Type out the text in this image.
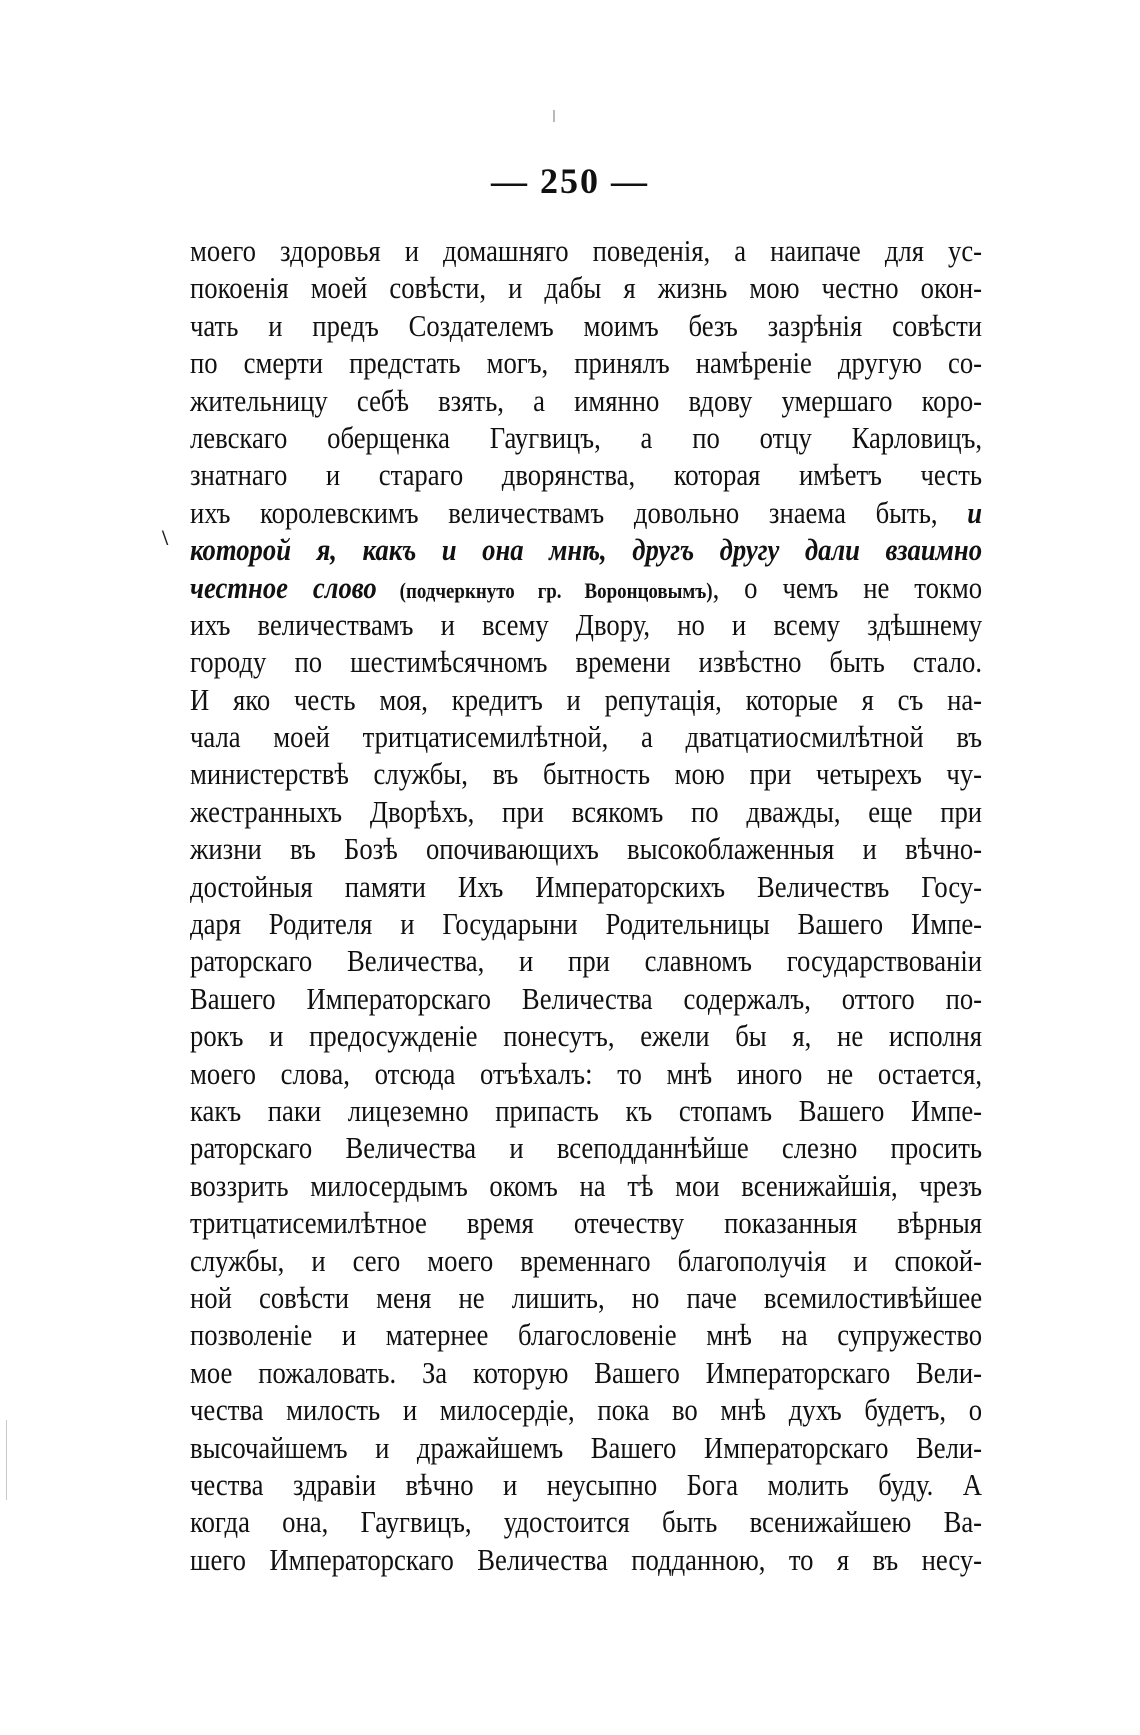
— 250 —
\
моего здоровья и домашняго поведенія, а наипаче для ус-
покоенія моей совѣсти, и дабы я жизнь мою честно окон-
чать и предъ Создателемъ моимъ безъ зазрѣнія совѣсти
по смерти предстать могъ, принялъ намѣреніе другую со-
жительницу себѣ взять, а имянно вдову умершаго коро-
левскаго оберщенка Гаугвицъ, а по отцу Карловицъ,
знатнаго и стараго дворянства, которая имѣетъ честь
ихъ королевскимъ величествамъ довольно знаема быть, и
которой я, какъ и она мнѣ, другъ другу дали взаимно
честное слово (подчеркнуто гр. Воронцовымъ), о чемъ не токмо
ихъ величествамъ и всему Двору, но и всему здѣшнему
городу по шестимѣсячномъ времени извѣстно быть стало.
И яко честь моя, кредитъ и репутація, которые я съ на-
чала моей тритцатисемилѣтной, а дватцатиосмилѣтной въ
министерствѣ службы, въ бытность мою при четырехъ чу-
жестранныхъ Дворѣхъ, при всякомъ по дважды, еще при
жизни въ Бозѣ опочивающихъ высокоблаженныя и вѣчно-
достойныя памяти Ихъ Императорскихъ Величествъ Госу-
даря Родителя и Государыни Родительницы Вашего Импе-
раторскаго Величества, и при славномъ государствованіи
Вашего Императорскаго Величества содержалъ, оттого по-
рокъ и предосужденіе понесутъ, ежели бы я, не исполня
моего слова, отсюда отъѣхалъ: то мнѣ иного не остается,
какъ паки лицеземно припасть къ стопамъ Вашего Импе-
раторскаго Величества и всеподданнѣйше слезно просить
воззрить милосердымъ окомъ на тѣ мои всенижайшія, чрезъ
тритцатисемилѣтное время отечеству показанныя вѣрныя
службы, и сего моего временнаго благополучія и спокой-
ной совѣсти меня не лишить, но паче всемилостивѣйшее
позволеніе и матернее благословеніе мнѣ на супружество
мое пожаловать. За которую Вашего Императорскаго Вели-
чества милость и милосердіе, пока во мнѣ духъ будетъ, о
высочайшемъ и дражайшемъ Вашего Императорскаго Вели-
чества здравіи вѣчно и неусыпно Бога молить буду. А
когда она, Гаугвицъ, удостоится быть всенижайшею Ва-
шего Императорскаго Величества подданною, то я въ несу-
